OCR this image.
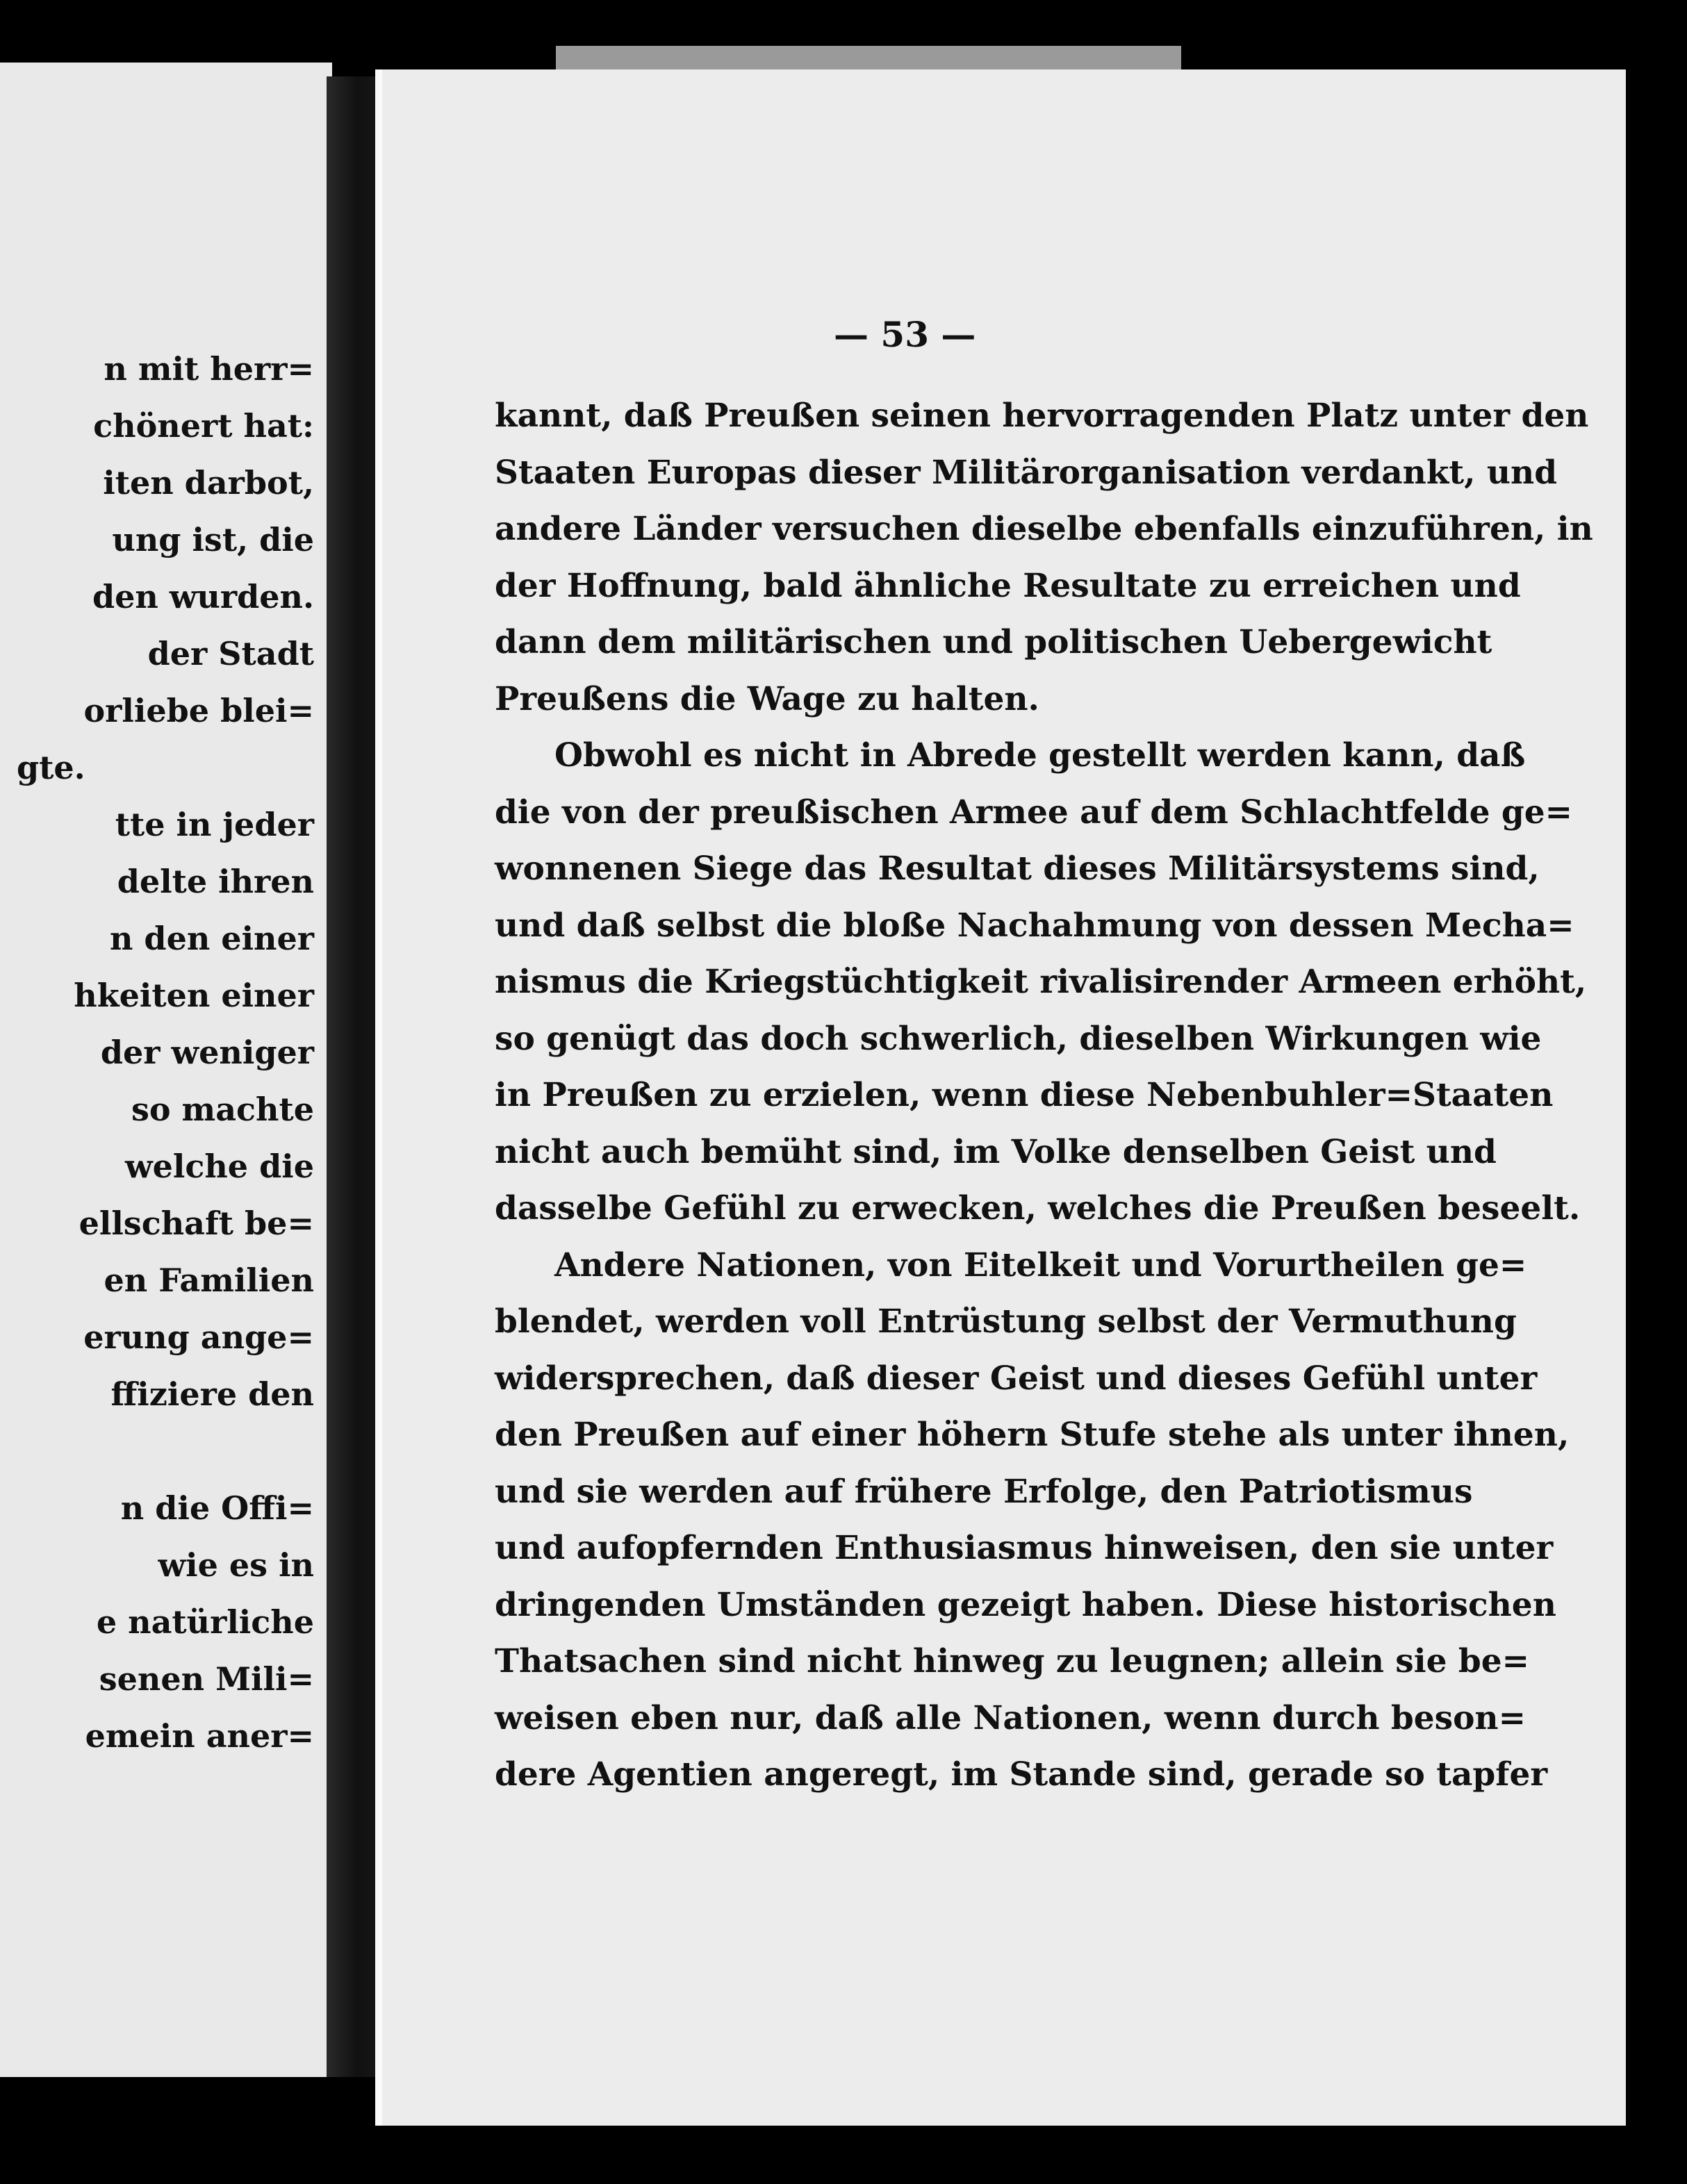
n mit herr=
chönert hat:
iten darbot,
ung ist, die
den wurden.
der Stadt
orliebe blei=
gte.
tte in jeder
delte ihren
n den einer
hkeiten einer
der weniger
so machte
welche die
ellschaft be=
en Familien
erung ange=
ffiziere den
n die Offi=
wie es in
e natürliche
senen Mili=
emein aner=
— 53 —
kannt, daß Preußen seinen hervorragenden Platz unter den
Staaten Europas dieser Militärorganisation verdankt, und
andere Länder versuchen dieselbe ebenfalls einzuführen, in
der Hoffnung, bald ähnliche Resultate zu erreichen und
dann dem militärischen und politischen Uebergewicht
Preußens die Wage zu halten.
Obwohl es nicht in Abrede gestellt werden kann, daß
die von der preußischen Armee auf dem Schlachtfelde ge=
wonnenen Siege das Resultat dieses Militärsystems sind,
und daß selbst die bloße Nachahmung von dessen Mecha=
nismus die Kriegstüchtigkeit rivalisirender Armeen erhöht,
so genügt das doch schwerlich, dieselben Wirkungen wie
in Preußen zu erzielen, wenn diese Nebenbuhler=Staaten
nicht auch bemüht sind, im Volke denselben Geist und
dasselbe Gefühl zu erwecken, welches die Preußen beseelt.
Andere Nationen, von Eitelkeit und Vorurtheilen ge=
blendet, werden voll Entrüstung selbst der Vermuthung
widersprechen, daß dieser Geist und dieses Gefühl unter
den Preußen auf einer höhern Stufe stehe als unter ihnen,
und sie werden auf frühere Erfolge, den Patriotismus
und aufopfernden Enthusiasmus hinweisen, den sie unter
dringenden Umständen gezeigt haben. Diese historischen
Thatsachen sind nicht hinweg zu leugnen; allein sie be=
weisen eben nur, daß alle Nationen, wenn durch beson=
dere Agentien angeregt, im Stande sind, gerade so tapfer
